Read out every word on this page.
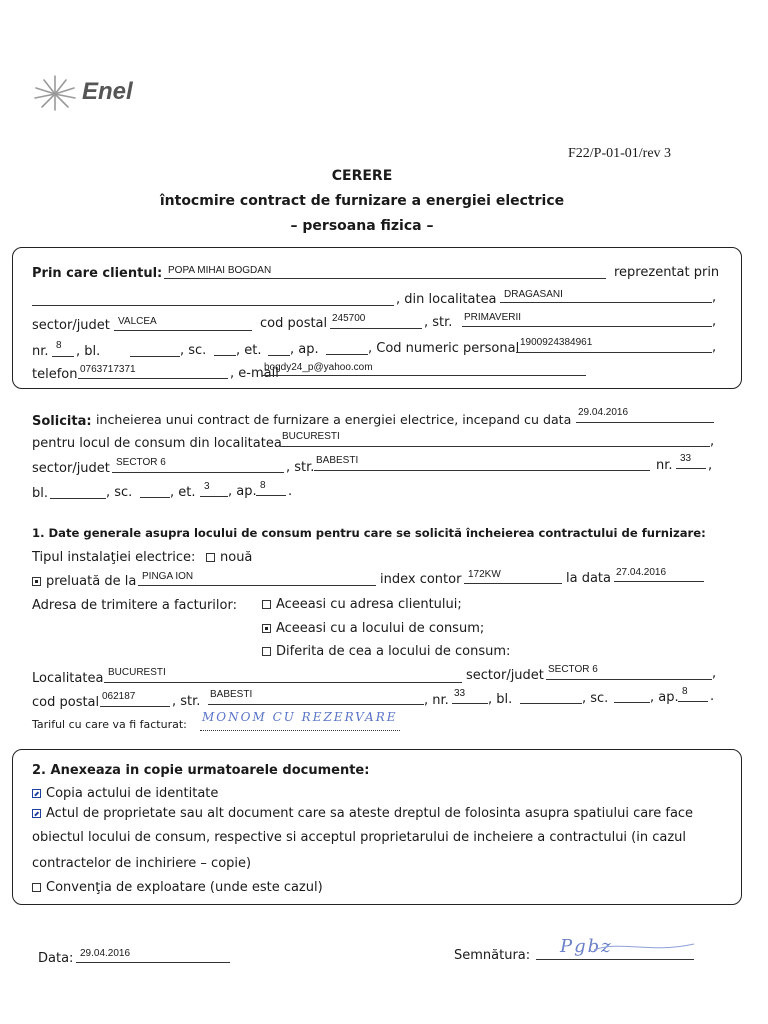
Enel
F22/P-01-01/rev 3
CERERE
întocmire contract de furnizare a energiei electrice
– persoana fizica –
Prin care clientul: POPA MIHAI BOGDAN	reprezentat prin
, din localitatea DRAGASANI	,
sector/judet VALCEA	cod postal 245700	, str. PRIMAVERII	,
nr. 8 , bl.	, sc. , et. , ap.	, Cod numeric personal 1900924384961	,
telefon 0763717371	, e-mail
bogdy24_p@yahoo.com
Solicita: incheierea unui contract de furnizare a energiei electrice, incepand cu data 29.04.2016
pentru locul de consum din localitatea BUCURESTI	,
sector/judet SECTOR 6	, str. BABESTI	nr. 33 ,
bl.	, sc.	, et. 3 , ap. 8 .
1. Date generale asupra locului de consum pentru care se solicită încheierea contractului de furnizare:
Tipul instalaţiei electrice:	nouă
preluată de la PINGA ION	index contor 172KW	la data 27.04.2016
Adresa de trimitere a facturilor:	Aceeasi cu adresa clientului;
Aceeasi cu a locului de consum;
Diferita de cea a locului de consum:
Localitatea BUCURESTI	sector/judet SECTOR 6	,
cod postal 062187	, str. BABESTI	, nr. 33 , bl.	, sc.	, ap. 8 .
Tariful cu care va fi facturat:
MONOM CU REZERVARE
2. Anexeaza in copie urmatoarele documente:
Copia actului de identitate
Actul de proprietate sau alt document care sa ateste dreptul de folosinta asupra spatiului care face
obiectul locului de consum, respective si acceptul proprietarului de incheiere a contractului (in cazul
contractelor de inchiriere – copie)
Convenţia de exploatare (unde este cazul)
Data: 29.04.2016	Semnătura: Pgbz
